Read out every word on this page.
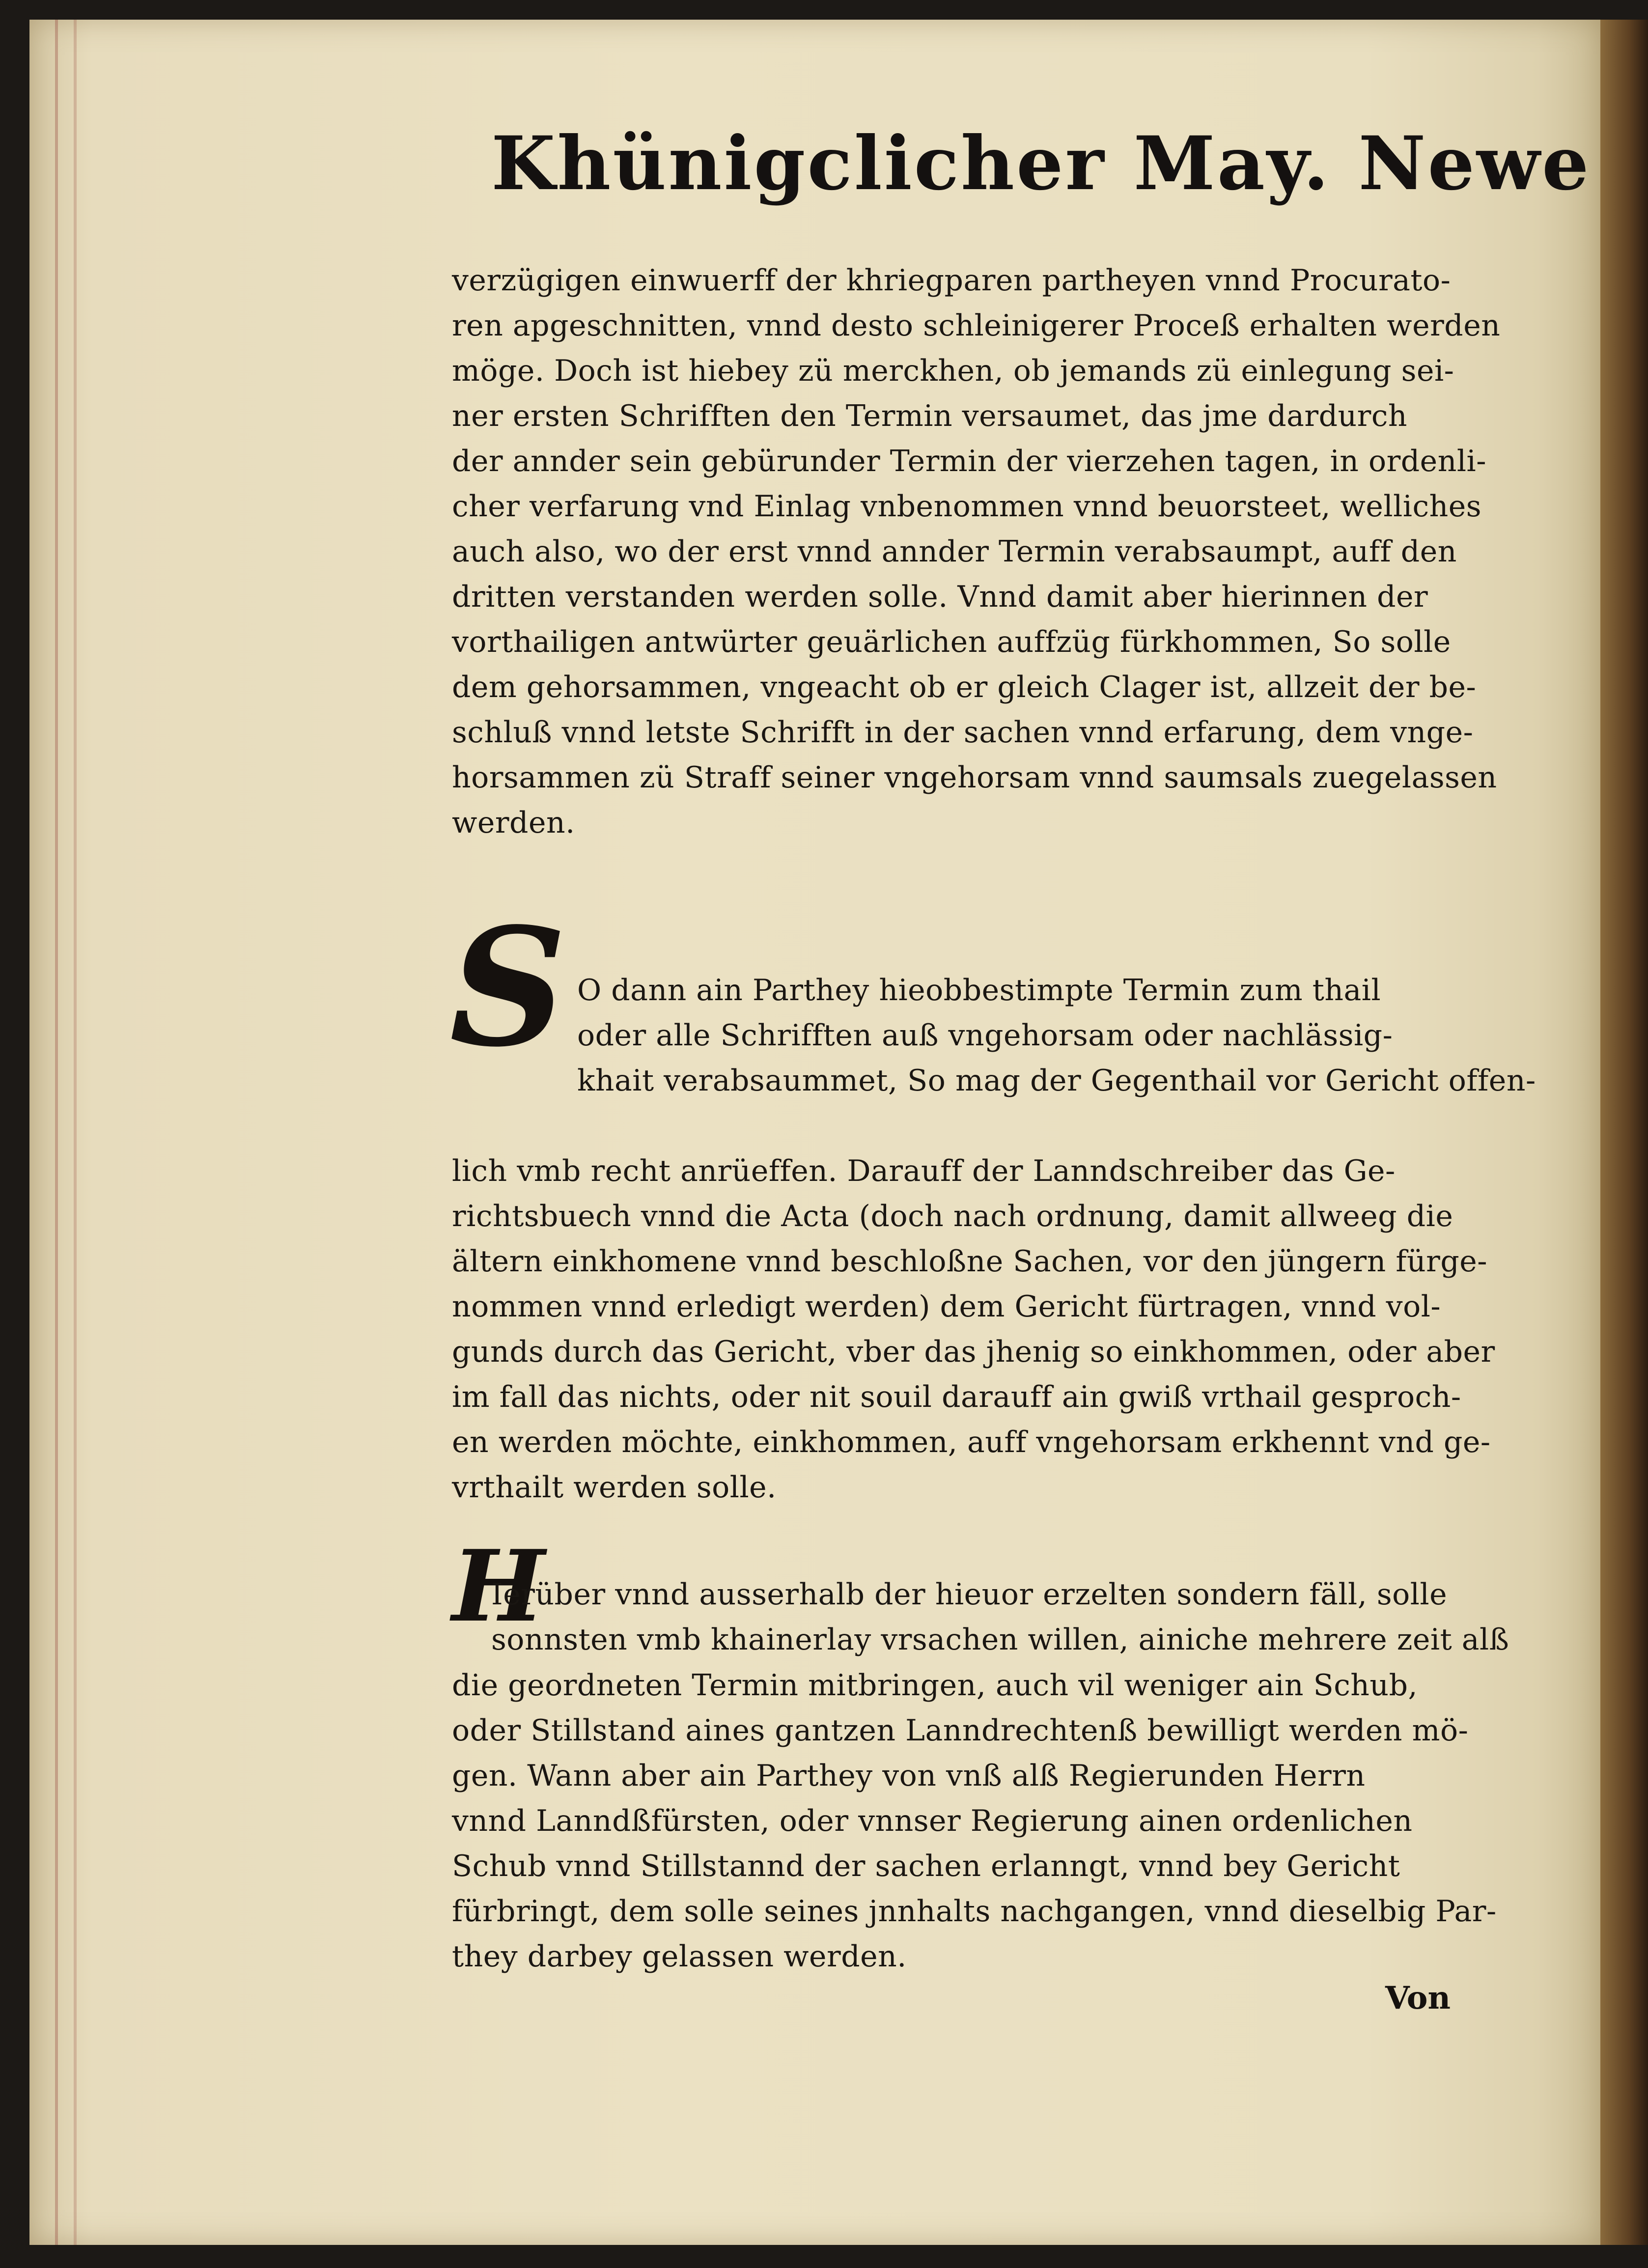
Khünigclicher May. Newe
verzügigen einwuerff der khriegparen partheyen vnnd Procurato-
ren apgeschnitten, vnnd desto schleinigerer Proceß erhalten werden
möge. Doch ist hiebey zü merckhen, ob jemands zü einlegung sei-
ner ersten Schrifften den Termin versaumet, das jme dardurch
der annder sein gebürunder Termin der vierzehen tagen, in ordenli-
cher verfarung vnd Einlag vnbenommen vnnd beuorsteet, welliches
auch also, wo der erst vnnd annder Termin verabsaumpt, auff den
dritten verstanden werden solle. Vnnd damit aber hierinnen der
vorthailigen antwürter geuärlichen auffzüg fürkhommen, So solle
dem gehorsammen, vngeacht ob er gleich Clager ist, allzeit der be-
schluß vnnd letste Schrifft in der sachen vnnd erfarung, dem vnge-
horsammen zü Straff seiner vngehorsam vnnd saumsals zuegelassen
werden.
S O dann ain Parthey hieobbestimpte Termin zum thail
oder alle Schrifften auß vngehorsam oder nachlässig-
khait verabsaummet, So mag der Gegenthail vor Gericht offen-
lich vmb recht anrüeffen. Darauff der Lanndschreiber das Ge-
richtsbuech vnnd die Acta (doch nach ordnung, damit allweeg die
ältern einkhomene vnnd beschloßne Sachen, vor den jüngern fürge-
nommen vnnd erledigt werden) dem Gericht fürtragen, vnnd vol-
gunds durch das Gericht, vber das jhenig so einkhommen, oder aber
im fall das nichts, oder nit souil darauff ain gwiß vrthail gesproch-
en werden möchte, einkhommen, auff vngehorsam erkhennt vnd ge-
vrthailt werden solle.
H
Ierüber vnnd ausserhalb der hieuor erzelten sondern fäll, solle
sonnsten vmb khainerlay vrsachen willen, ainiche mehrere zeit alß
die geordneten Termin mitbringen, auch vil weniger ain Schub,
oder Stillstand aines gantzen Lanndrechtenß bewilligt werden mö-
gen. Wann aber ain Parthey von vnß alß Regierunden Herrn
vnnd Lanndßfürsten, oder vnnser Regierung ainen ordenlichen
Schub vnnd Stillstannd der sachen erlanngt, vnnd bey Gericht
fürbringt, dem solle seines jnnhalts nachgangen, vnnd dieselbig Par-
they darbey gelassen werden.
Von
